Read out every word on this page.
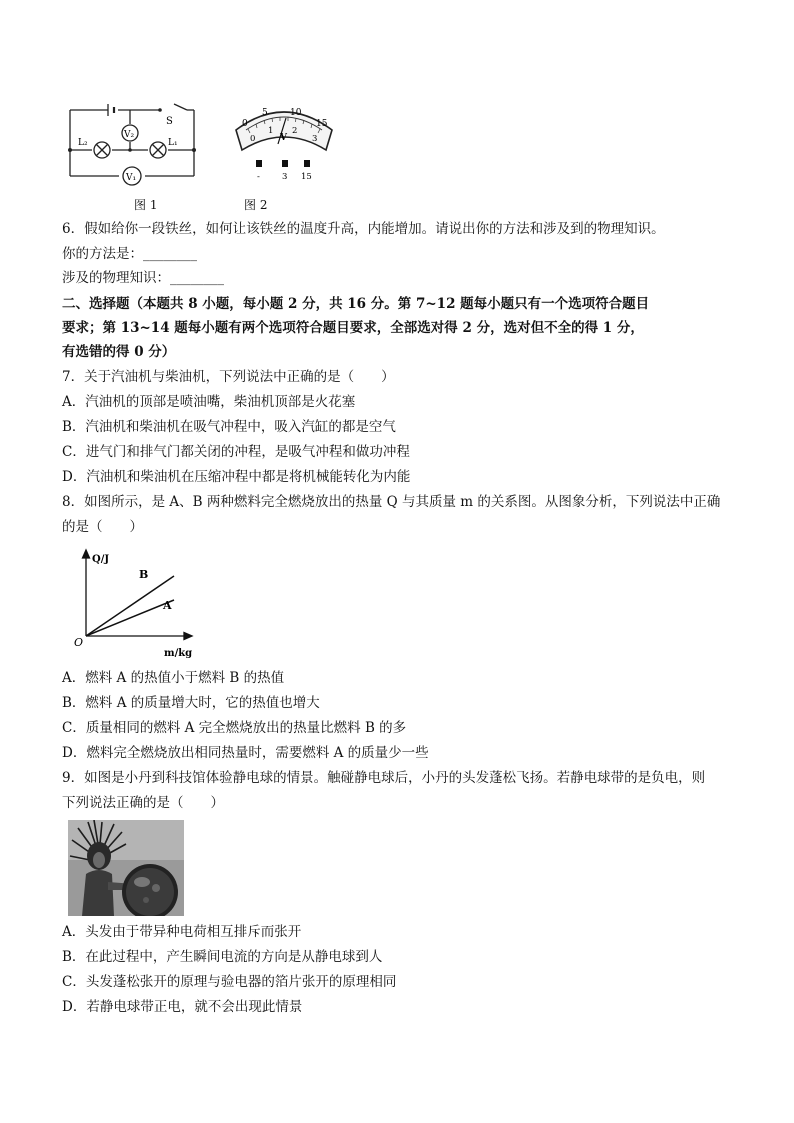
S
V₂
V₁
L₂	L₁
图 1
0
5 10
15
0
1 2
3
V
-	3 15
图 2
6．假如给你一段铁丝，如何让该铁丝的温度升高，内能增加。请说出你的方法和涉及到的物理知识。
你的方法是：________
涉及的物理知识：________
二、选择题（本题共 8 小题，每小题 2 分，共 16 分。第 7~12 题每小题只有一个选项符合题目
要求；第 13~14 题每小题有两个选项符合题目要求，全部选对得 2 分，选对但不全的得 1 分，
有选错的得 0 分）
7．关于汽油机与柴油机，下列说法中正确的是（　　）
A．汽油机的顶部是喷油嘴，柴油机顶部是火花塞
B．汽油机和柴油机在吸气冲程中，吸入汽缸的都是空气
C．进气门和排气门都关闭的冲程，是吸气冲程和做功冲程
D．汽油机和柴油机在压缩冲程中都是将机械能转化为内能
8．如图所示，是 A、B 两种燃料完全燃烧放出的热量 Q 与其质量 m 的关系图。从图象分析，下列说法中正确
的是（　　）
Q/J
m/kg
O
B
A
A．燃料 A 的热值小于燃料 B 的热值
B．燃料 A 的质量增大时，它的热值也增大
C．质量相同的燃料 A 完全燃烧放出的热量比燃料 B 的多
D．燃料完全燃烧放出相同热量时，需要燃料 A 的质量少一些
9．如图是小丹到科技馆体验静电球的情景。触碰静电球后，小丹的头发蓬松飞扬。若静电球带的是负电，则
下列说法正确的是（　　）
A．头发由于带异种电荷相互排斥而张开
B．在此过程中，产生瞬间电流的方向是从静电球到人
C．头发蓬松张开的原理与验电器的箔片张开的原理相同
D．若静电球带正电，就不会出现此情景
